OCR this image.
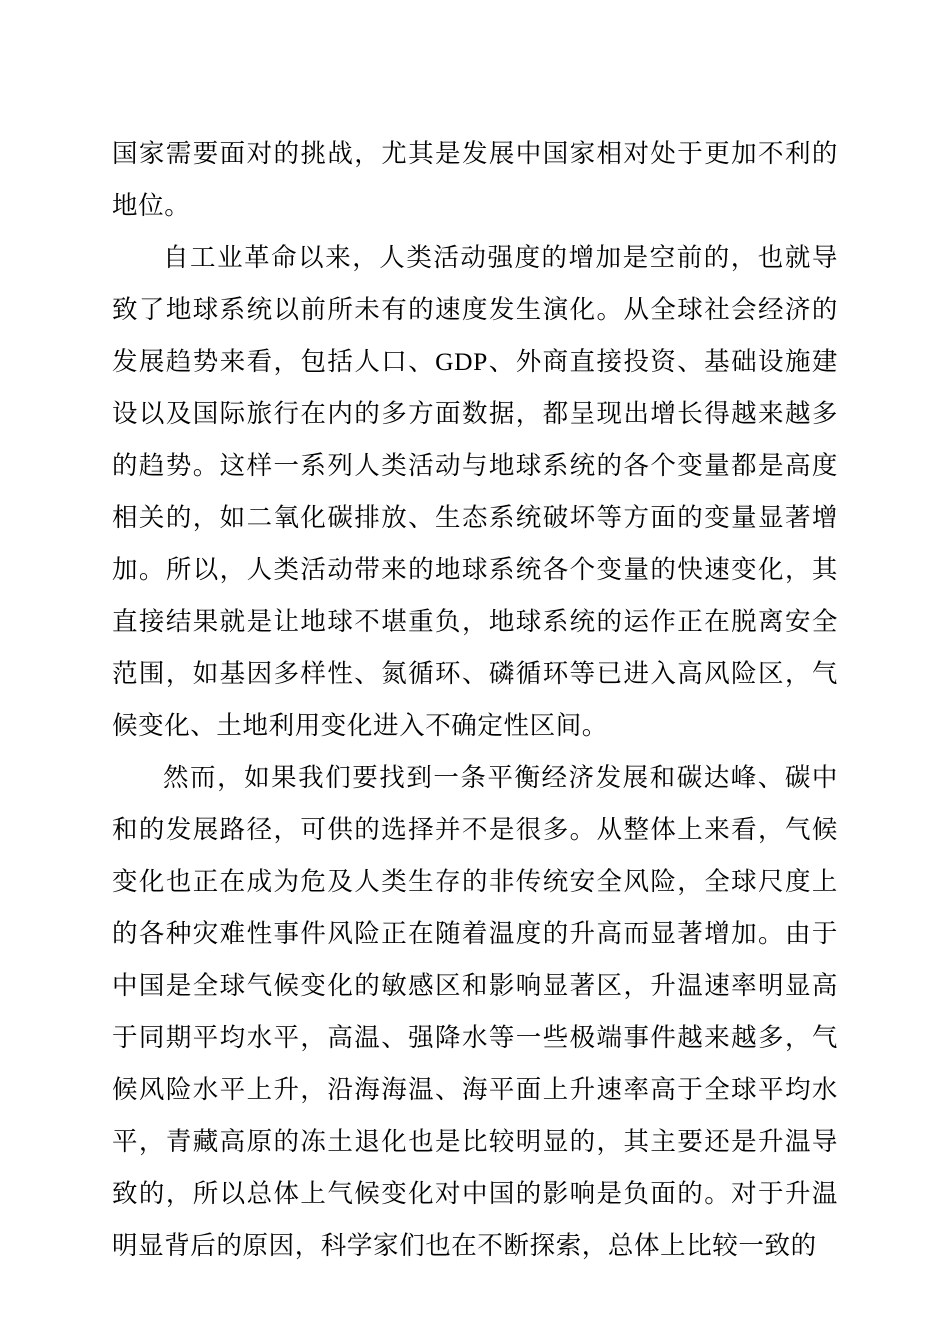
国家需要面对的挑战，尤其是发展中国家相对处于更加不利的地位。

自工业革命以来，人类活动强度的增加是空前的，也就导致了地球系统以前所未有的速度发生演化。从全球社会经济的发展趋势来看，包括人口、GDP、外商直接投资、基础设施建设以及国际旅行在内的多方面数据，都呈现出增长得越来越多的趋势。这样一系列人类活动与地球系统的各个变量都是高度相关的，如二氧化碳排放、生态系统破坏等方面的变量显著增加。所以，人类活动带来的地球系统各个变量的快速变化，其直接结果就是让地球不堪重负，地球系统的运作正在脱离安全范围，如基因多样性、氮循环、磷循环等已进入高风险区，气候变化、土地利用变化进入不确定性区间。

然而，如果我们要找到一条平衡经济发展和碳达峰、碳中和的发展路径，可供的选择并不是很多。从整体上来看，气候变化也正在成为危及人类生存的非传统安全风险，全球尺度上的各种灾难性事件风险正在随着温度的升高而显著增加。由于中国是全球气候变化的敏感区和影响显著区，升温速率明显高于同期平均水平，高温、强降水等一些极端事件越来越多，气候风险水平上升，沿海海温、海平面上升速率高于全球平均水平，青藏高原的冻土退化也是比较明显的，其主要还是升温导致的，所以总体上气候变化对中国的影响是负面的。对于升温明显背后的原因，科学家们也在不断探索，总体上比较一致的
